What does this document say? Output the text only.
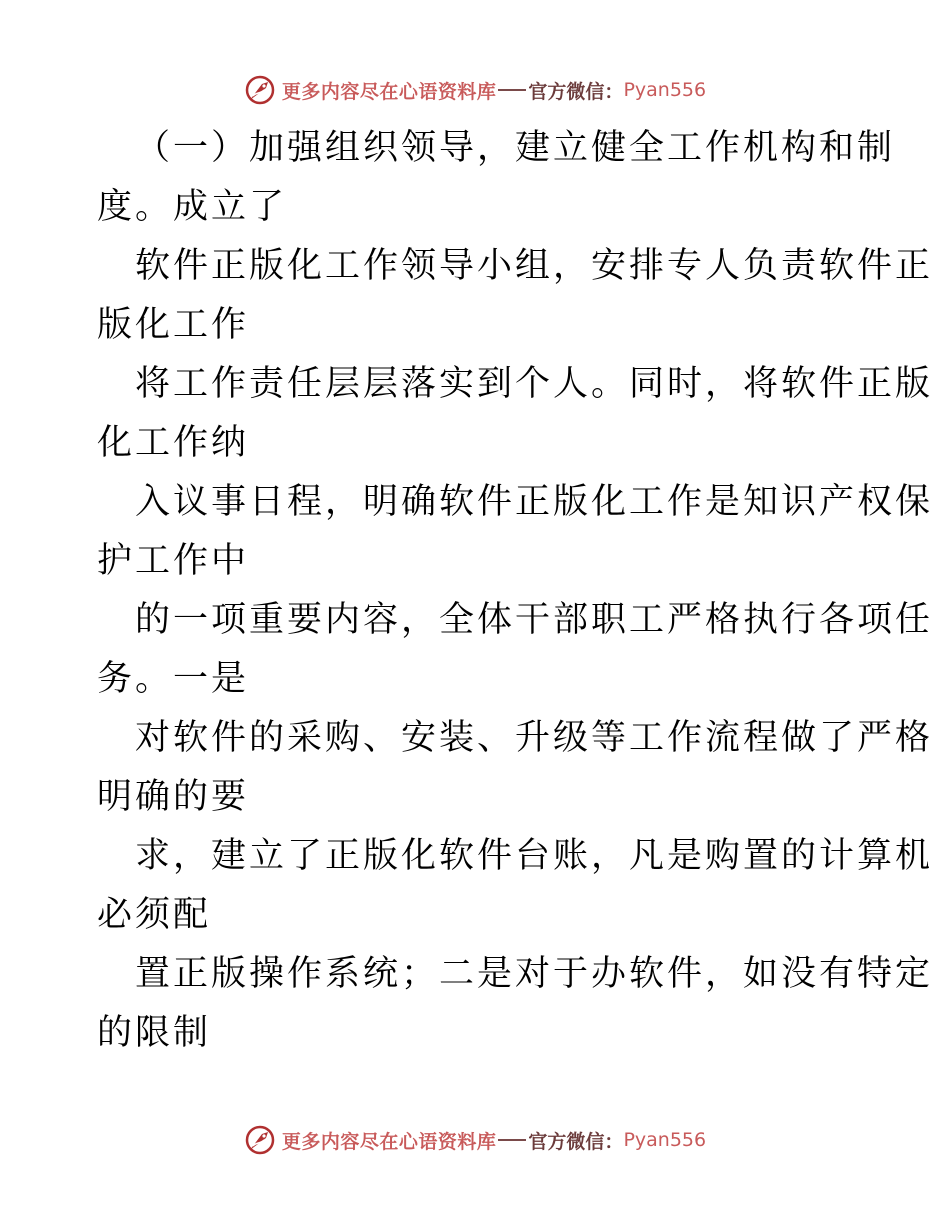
更多内容尽在心语资料库 官方微信： Pyan556

（一）加强组织领导，建立健全工作机构和制
度。成立了

软件正版化工作领导小组，安排专人负责软件正
版化工作

将工作责任层层落实到个人。同时，将软件正版
化工作纳

入议事日程，明确软件正版化工作是知识产权保
护工作中

的一项重要内容，全体干部职工严格执行各项任
务。一是

对软件的采购、安装、升级等工作流程做了严格
明确的要

求，建立了正版化软件台账，凡是购置的计算机
必须配

置正版操作系统；二是对于办软件，如没有特定
的限制

更多内容尽在心语资料库 官方微信： Pyan556
